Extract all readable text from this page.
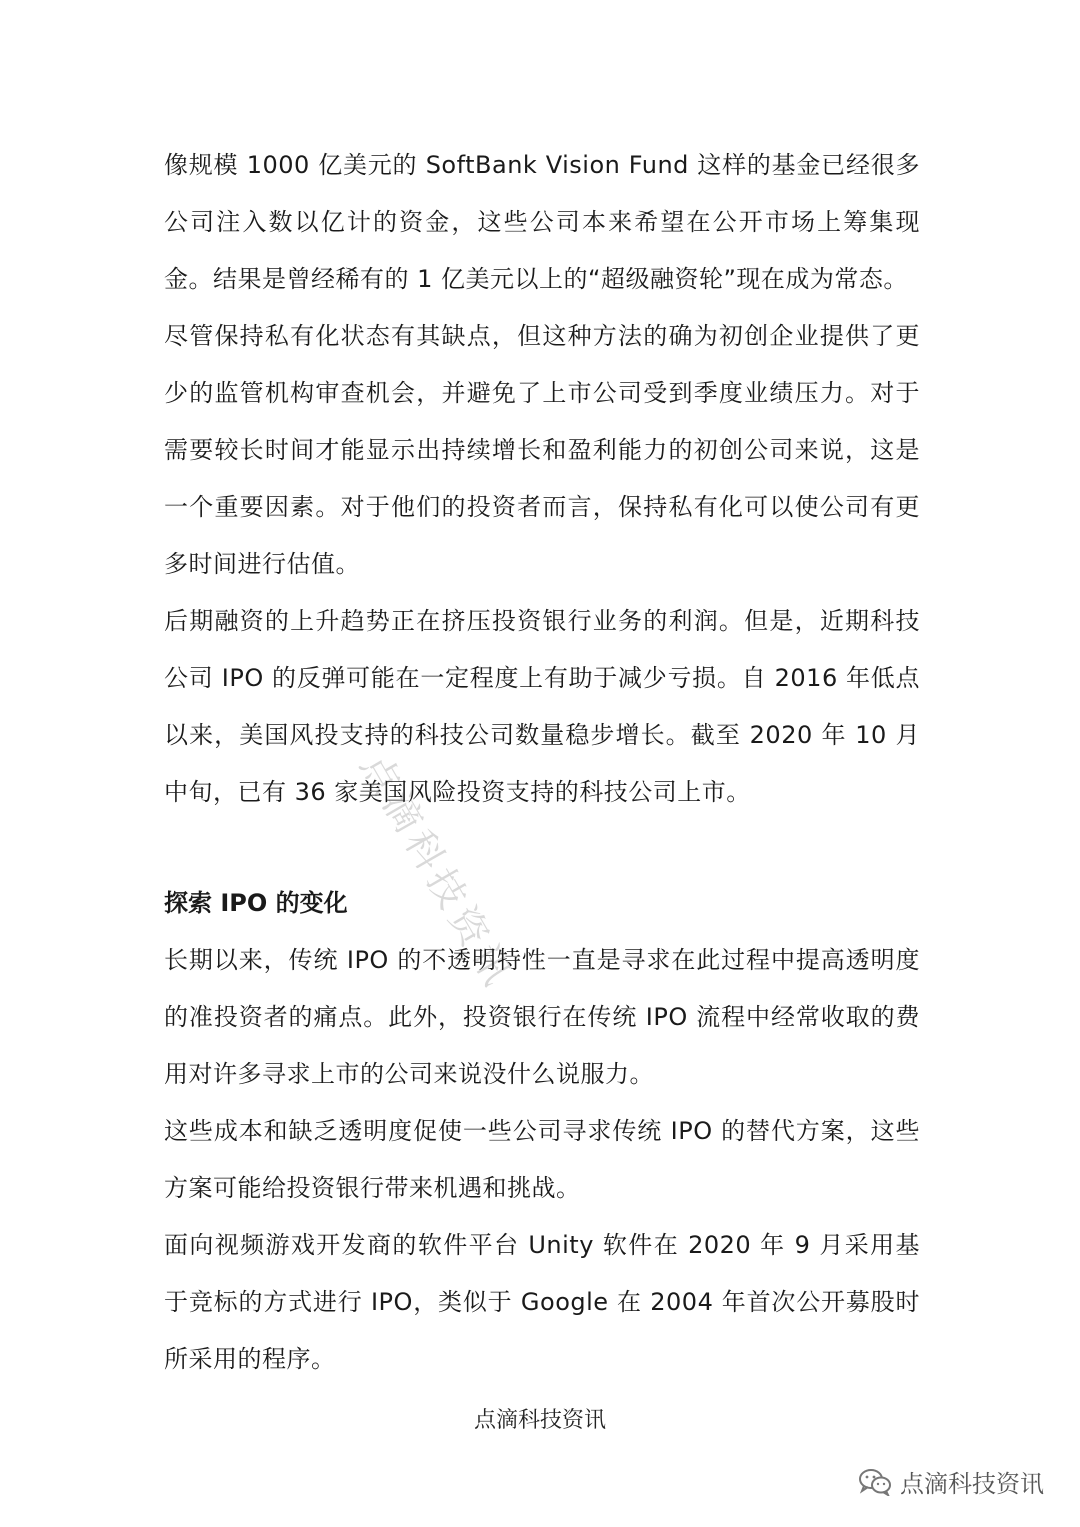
点滴科技资讯

像规模 1000 亿美元的 SoftBank Vision Fund 这样的基金已经很多公司注入数以亿计的资金，这些公司本来希望在公开市场上筹集现金。结果是曾经稀有的 1 亿美元以上的“超级融资轮”现在成为常态。

尽管保持私有化状态有其缺点，但这种方法的确为初创企业提供了更少的监管机构审查机会，并避免了上市公司受到季度业绩压力。对于需要较长时间才能显示出持续增长和盈利能力的初创公司来说，这是一个重要因素。对于他们的投资者而言，保持私有化可以使公司有更多时间进行估值。

后期融资的上升趋势正在挤压投资银行业务的利润。但是，近期科技公司 IPO 的反弹可能在一定程度上有助于减少亏损。自 2016 年低点以来，美国风投支持的科技公司数量稳步增长。截至 2020 年 10 月中旬，已有 36 家美国风险投资支持的科技公司上市。

探索 IPO 的变化

长期以来，传统 IPO 的不透明特性一直是寻求在此过程中提高透明度的准投资者的痛点。此外，投资银行在传统 IPO 流程中经常收取的费用对许多寻求上市的公司来说没什么说服力。

这些成本和缺乏透明度促使一些公司寻求传统 IPO 的替代方案，这些方案可能给投资银行带来机遇和挑战。

面向视频游戏开发商的软件平台 Unity 软件在 2020 年 9 月采用基于竞标的方式进行 IPO，类似于 Google 在 2004 年首次公开募股时所采用的程序。

点滴科技资讯
点滴科技资讯
